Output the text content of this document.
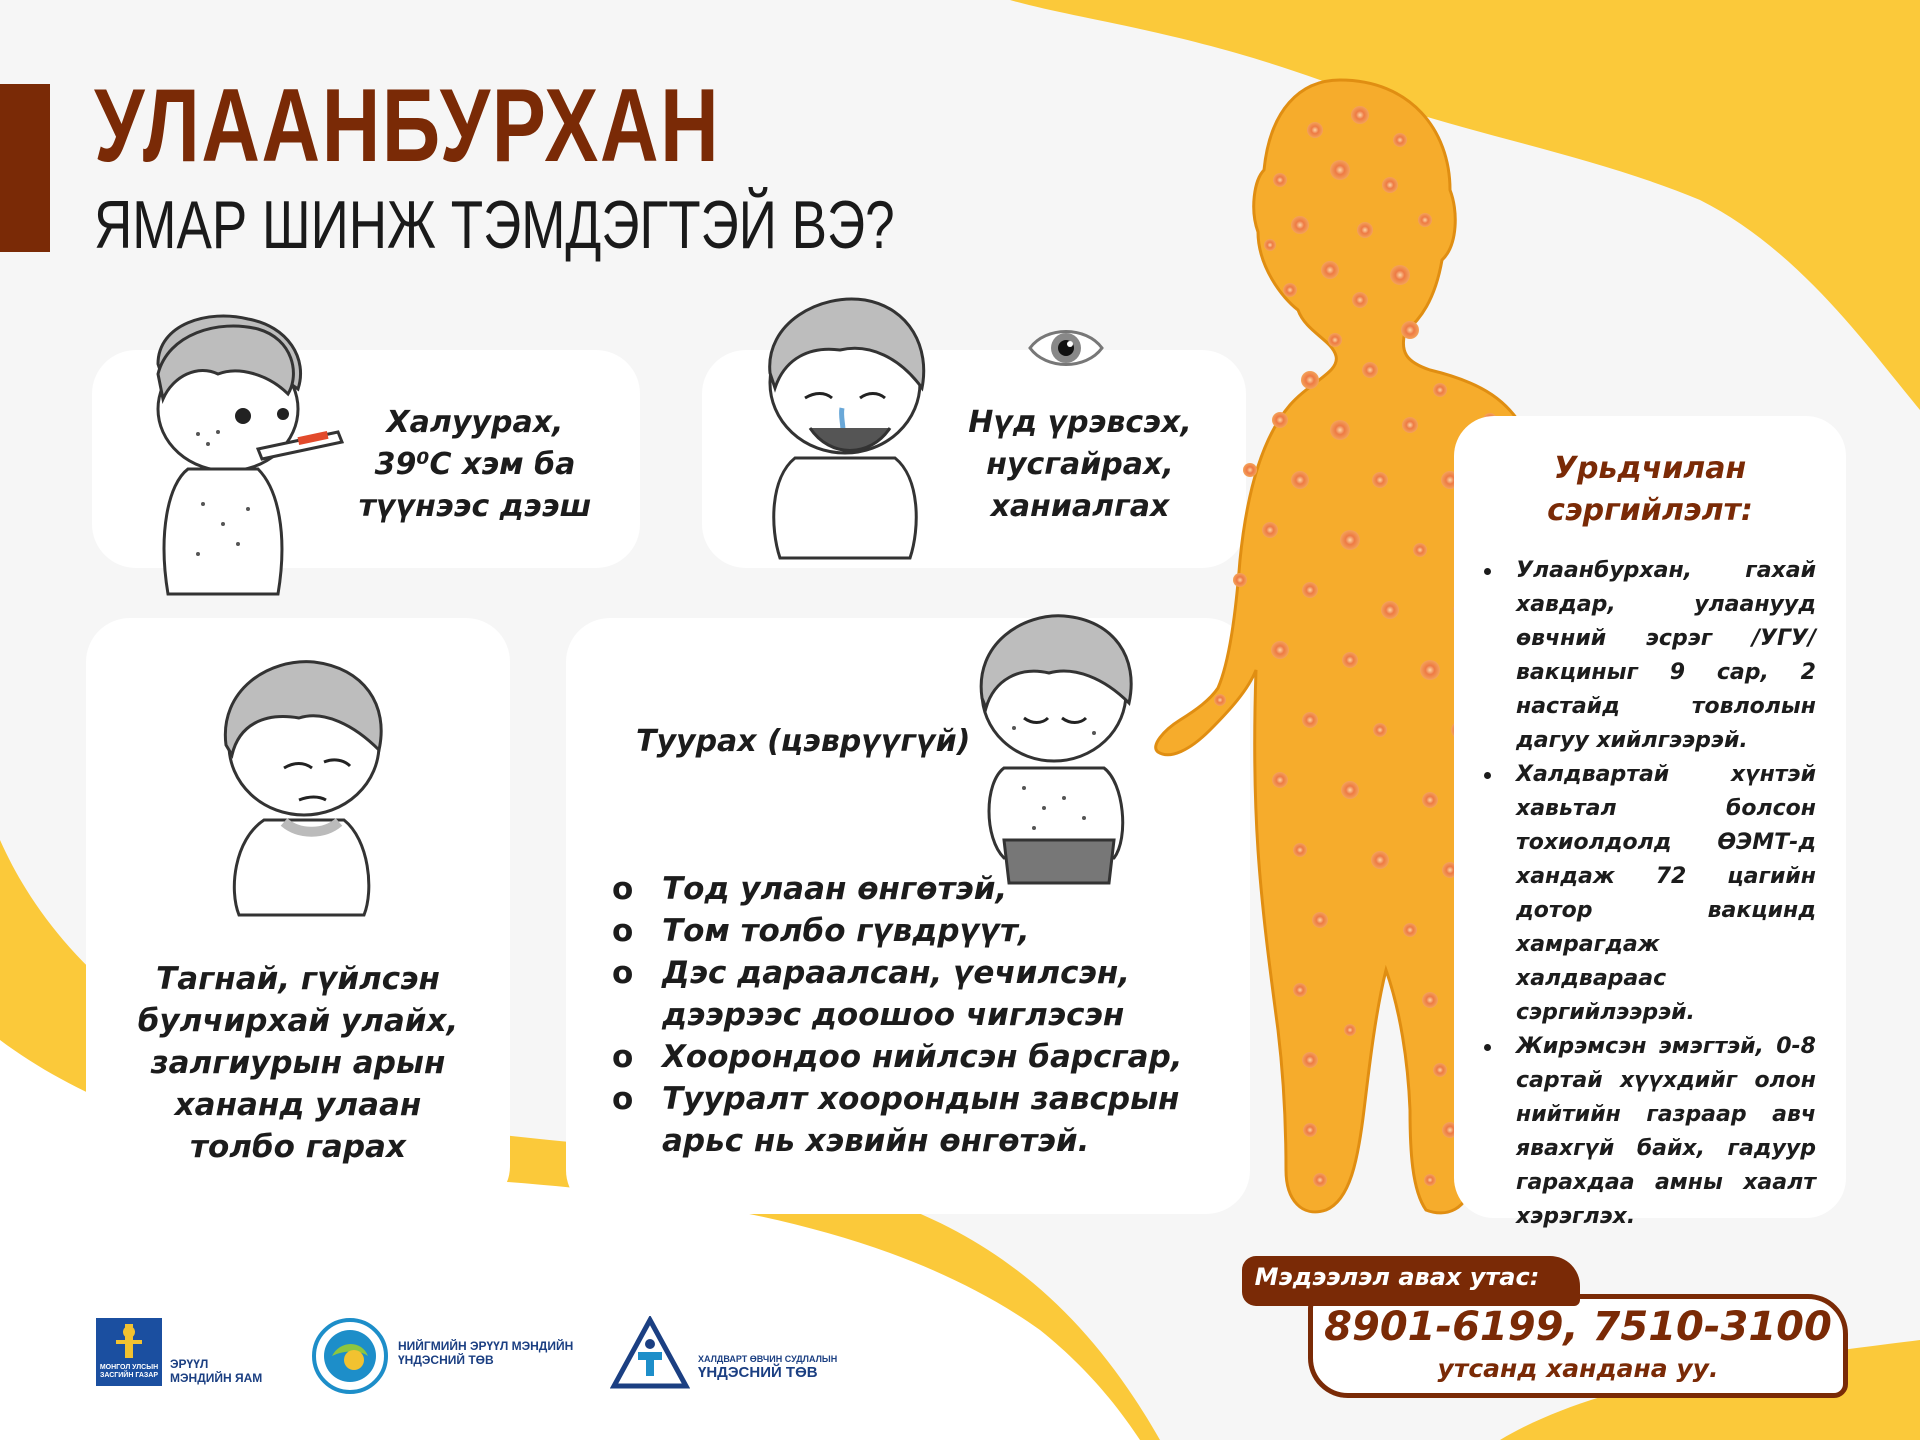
УЛААНБУРХАН
ЯМАР ШИНЖ ТЭМДЭГТЭЙ ВЭ?
Урьдчилан
сэргийлэлт:
Улаанбурхан, гахай хавдар, улаанууд өвчний эсрэг /УГУ/ вакциныг 9 сар, 2 настайд товлолын дагуу хийлгээрэй.
Халдвартай хүнтэй хавьтал болсон тохиолдолд ӨЭМТ-д хандаж 72 цагийн дотор вакцинд хамрагдаж халдвараас сэргийлээрэй.
Жирэмсэн эмэгтэй, 0-8 сартай хүүхдийг олон нийтийн газраар авч явахгүй байх, гадуур гарахдаа амны хаалт хэрэглэх.
Халуурах,
39⁰С хэм ба
түүнээс дээш
Нүд үрэвсэх,
нусгайрах,
ханиалгах
Тагнай, гүйлсэн
булчирхай улайх,
залгиурын арын
хананд улаан
толбо гарах
Туурах (цэврүүгүй)
о Тод улаан өнгөтэй,
о Том толбо гүвдрүүт,
о Дэс дараалсан, үечилсэн,
дээрээс доошоо чиглэсэн
о Хоорондоо нийлсэн барсгар,
о Тууралт хоорондын завсрын
арьс нь хэвийн өнгөтэй.
Мэдээлэл авах утас:
8901-6199, 7510-3100
утсанд хандана уу.
МОНГОЛ УЛСЫН
ЗАСГИЙН ГАЗАР
ЭРҮҮЛ
МЭНДИЙН ЯАМ
НИЙГМИЙН ЭРҮҮЛ МЭНДИЙН
ҮНДЭСНИЙ ТӨВ	ХАЛДВАРТ ӨВЧИН СУДЛАЛЫН
ҮНДЭСНИЙ ТӨВ
